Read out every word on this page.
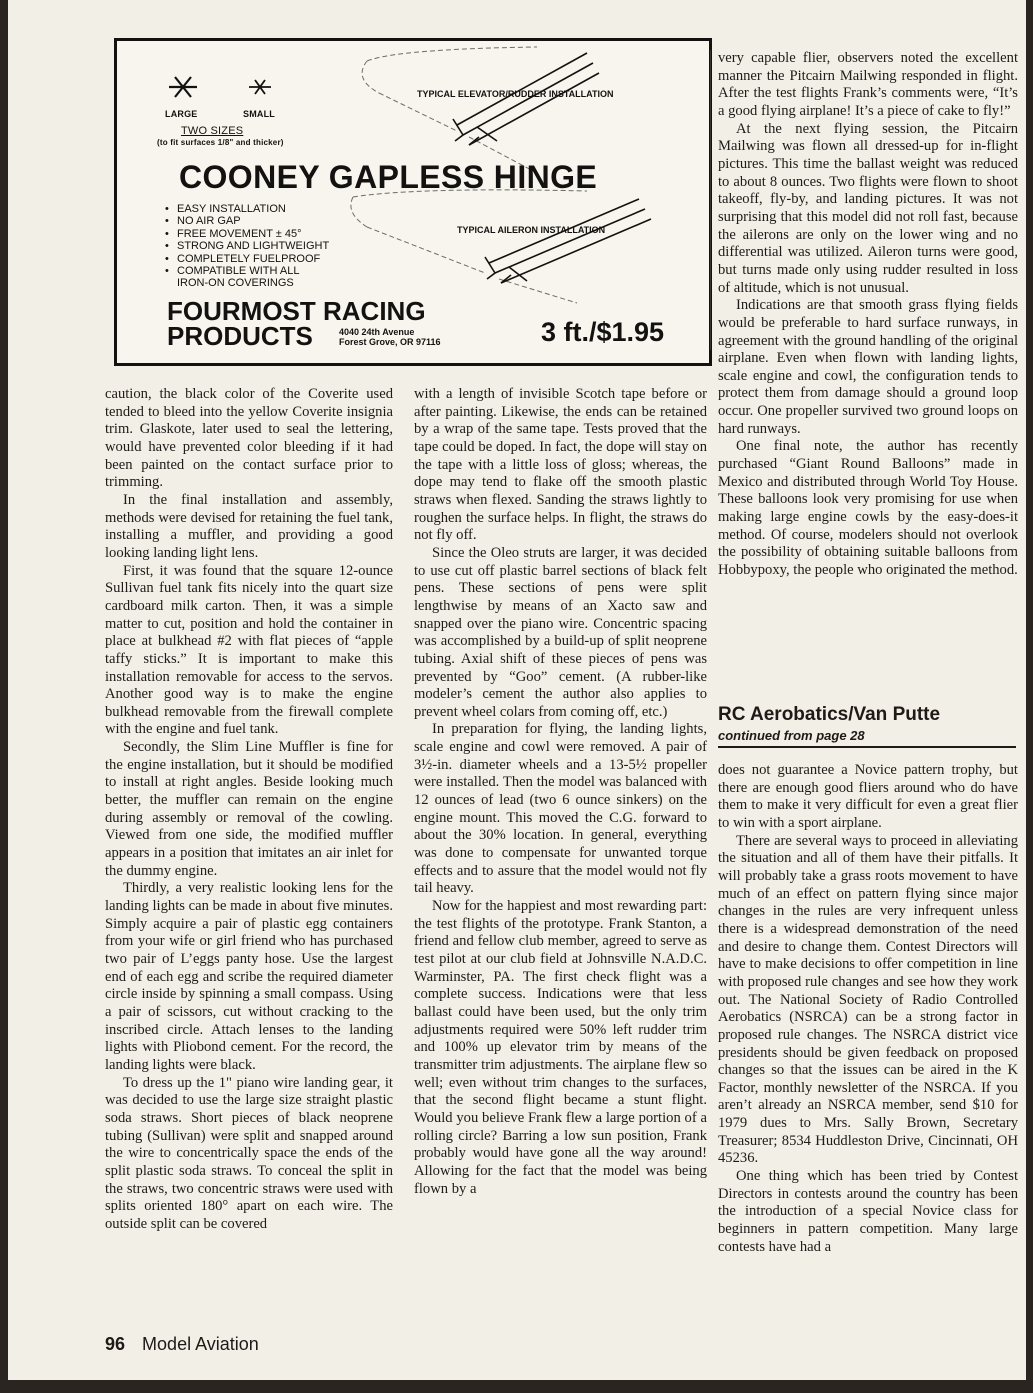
LARGE	SMALL
TWO SIZES
(to fit surfaces 1/8" and thicker)
TYPICAL ELEVATOR/RUDDER INSTALLATION
TYPICAL AILERON INSTALLATION
COONEY GAPLESS HINGE
• EASY INSTALLATION
• NO AIR GAP
• FREE MOVEMENT ± 45°
• STRONG AND LIGHTWEIGHT
• COMPLETELY FUELPROOF
• COMPATIBLE WITH ALL
IRON-ON COVERINGS
FOURMOST RACING
PRODUCTS	4040 24th Avenue
Forest Grove, OR 97116	3 ft./$1.95

caution, the black color of the Coverite used tended to bleed into the yellow Coverite insignia trim. Glaskote, later used to seal the lettering, would have prevented color bleeding if it had been painted on the contact surface prior to trimming.

In the final installation and assembly, methods were devised for retaining the fuel tank, installing a muffler, and providing a good looking landing light lens.

First, it was found that the square 12-ounce Sullivan fuel tank fits nicely into the quart size cardboard milk carton. Then, it was a simple matter to cut, position and hold the container in place at bulkhead #2 with flat pieces of “apple taffy sticks.” It is important to make this installation removable for access to the servos. Another good way is to make the engine bulkhead removable from the firewall complete with the engine and fuel tank.

Secondly, the Slim Line Muffler is fine for the engine installation, but it should be modified to install at right angles. Beside looking much better, the muffler can remain on the engine during assembly or removal of the cowling. Viewed from one side, the modified muffler appears in a position that imitates an air inlet for the dummy engine.

Thirdly, a very realistic looking lens for the landing lights can be made in about five minutes. Simply acquire a pair of plastic egg containers from your wife or girl friend who has purchased two pair of L’eggs panty hose. Use the largest end of each egg and scribe the required diameter circle inside by spinning a small compass. Using a pair of scissors, cut without cracking to the inscribed circle. Attach lenses to the landing lights with Pliobond cement. For the record, the landing lights were black.

To dress up the 1" piano wire landing gear, it was decided to use the large size straight plastic soda straws. Short pieces of black neoprene tubing (Sullivan) were split and snapped around the wire to concentrically space the ends of the split plastic soda straws. To conceal the split in the straws, two concentric straws were used with splits oriented 180° apart on each wire. The outside split can be covered

with a length of invisible Scotch tape before or after painting. Likewise, the ends can be retained by a wrap of the same tape. Tests proved that the tape could be doped. In fact, the dope will stay on the tape with a little loss of gloss; whereas, the dope may tend to flake off the smooth plastic straws when flexed. Sanding the straws lightly to roughen the surface helps. In flight, the straws do not fly off.

Since the Oleo struts are larger, it was decided to use cut off plastic barrel sections of black felt pens. These sections of pens were split lengthwise by means of an Xacto saw and snapped over the piano wire. Concentric spacing was accomplished by a build-up of split neoprene tubing. Axial shift of these pieces of pens was prevented by “Goo” cement. (A rubber-like modeler’s cement the author also applies to prevent wheel colars from coming off, etc.)

In preparation for flying, the landing lights, scale engine and cowl were removed. A pair of 3½-in. diameter wheels and a 13-5½ propeller were installed. Then the model was balanced with 12 ounces of lead (two 6 ounce sinkers) on the engine mount. This moved the C.G. forward to about the 30% location. In general, everything was done to compensate for unwanted torque effects and to assure that the model would not fly tail heavy.

Now for the happiest and most rewarding part: the test flights of the prototype. Frank Stanton, a friend and fellow club member, agreed to serve as test pilot at our club field at Johnsville N.A.D.C. Warminster, PA. The first check flight was a complete success. Indications were that less ballast could have been used, but the only trim adjustments required were 50% left rudder trim and 100% up elevator trim by means of the transmitter trim adjustments. The airplane flew so well; even without trim changes to the surfaces, that the second flight became a stunt flight. Would you believe Frank flew a large portion of a rolling circle? Barring a low sun position, Frank probably would have gone all the way around! Allowing for the fact that the model was being flown by a

very capable flier, observers noted the excellent manner the Pitcairn Mailwing responded in flight. After the test flights Frank’s comments were, “It’s a good flying airplane! It’s a piece of cake to fly!”

At the next flying session, the Pitcairn Mailwing was flown all dressed-up for in-flight pictures. This time the ballast weight was reduced to about 8 ounces. Two flights were flown to shoot takeoff, fly-by, and landing pictures. It was not surprising that this model did not roll fast, because the ailerons are only on the lower wing and no differential was utilized. Aileron turns were good, but turns made only using rudder resulted in loss of altitude, which is not unusual.

Indications are that smooth grass flying fields would be preferable to hard surface runways, in agreement with the ground handling of the original airplane. Even when flown with landing lights, scale engine and cowl, the configuration tends to protect them from damage should a ground loop occur. One propeller survived two ground loops on hard runways.

One final note, the author has recently purchased “Giant Round Balloons” made in Mexico and distributed through World Toy House. These balloons look very promising for use when making large engine cowls by the easy-does-it method. Of course, modelers should not overlook the possibility of obtaining suitable balloons from Hobbypoxy, the people who originated the method.

RC Aerobatics/Van Putte
continued from page 28

does not guarantee a Novice pattern trophy, but there are enough good fliers around who do have them to make it very difficult for even a great flier to win with a sport airplane.

There are several ways to proceed in alleviating the situation and all of them have their pitfalls. It will probably take a grass roots movement to have much of an effect on pattern flying since major changes in the rules are very infrequent unless there is a widespread demonstration of the need and desire to change them. Contest Directors will have to make decisions to offer competition in line with proposed rule changes and see how they work out. The National Society of Radio Controlled Aerobatics (NSRCA) can be a strong factor in proposed rule changes. The NSRCA district vice presidents should be given feedback on proposed changes so that the issues can be aired in the K Factor, monthly newsletter of the NSRCA. If you aren’t already an NSRCA member, send $10 for 1979 dues to Mrs. Sally Brown, Secretary Treasurer; 8534 Huddleston Drive, Cincinnati, OH 45236.

One thing which has been tried by Contest Directors in contests around the country has been the introduction of a special Novice class for beginners in pattern competition. Many large contests have had a

96 Model Aviation
